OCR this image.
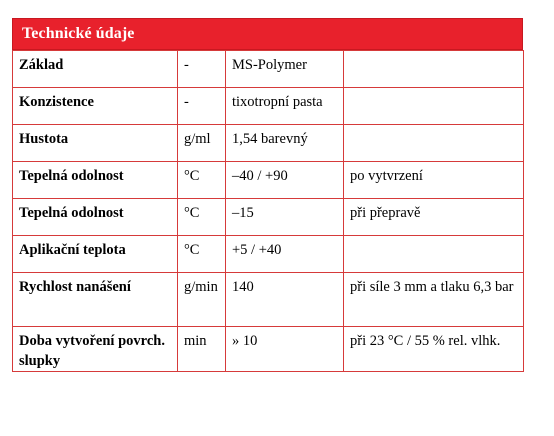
Technické údaje
Základ	-	MS-Polymer	
Konzistence	-	tixotropní pasta	
Hustota	g/ml	1,54 barevný	
Tepelná odolnost	°C	–40 / +90	po vytvrzení
Tepelná odolnost	°C	–15	při přepravě
Aplikační teplota	°C	+5 / +40	
Rychlost nanášení	g/min	140	při síle 3 mm a tlaku 6,3 bar
Doba vytvoření povrch. slupky	min	» 10	při 23 °C / 55 % rel. vlhk.
